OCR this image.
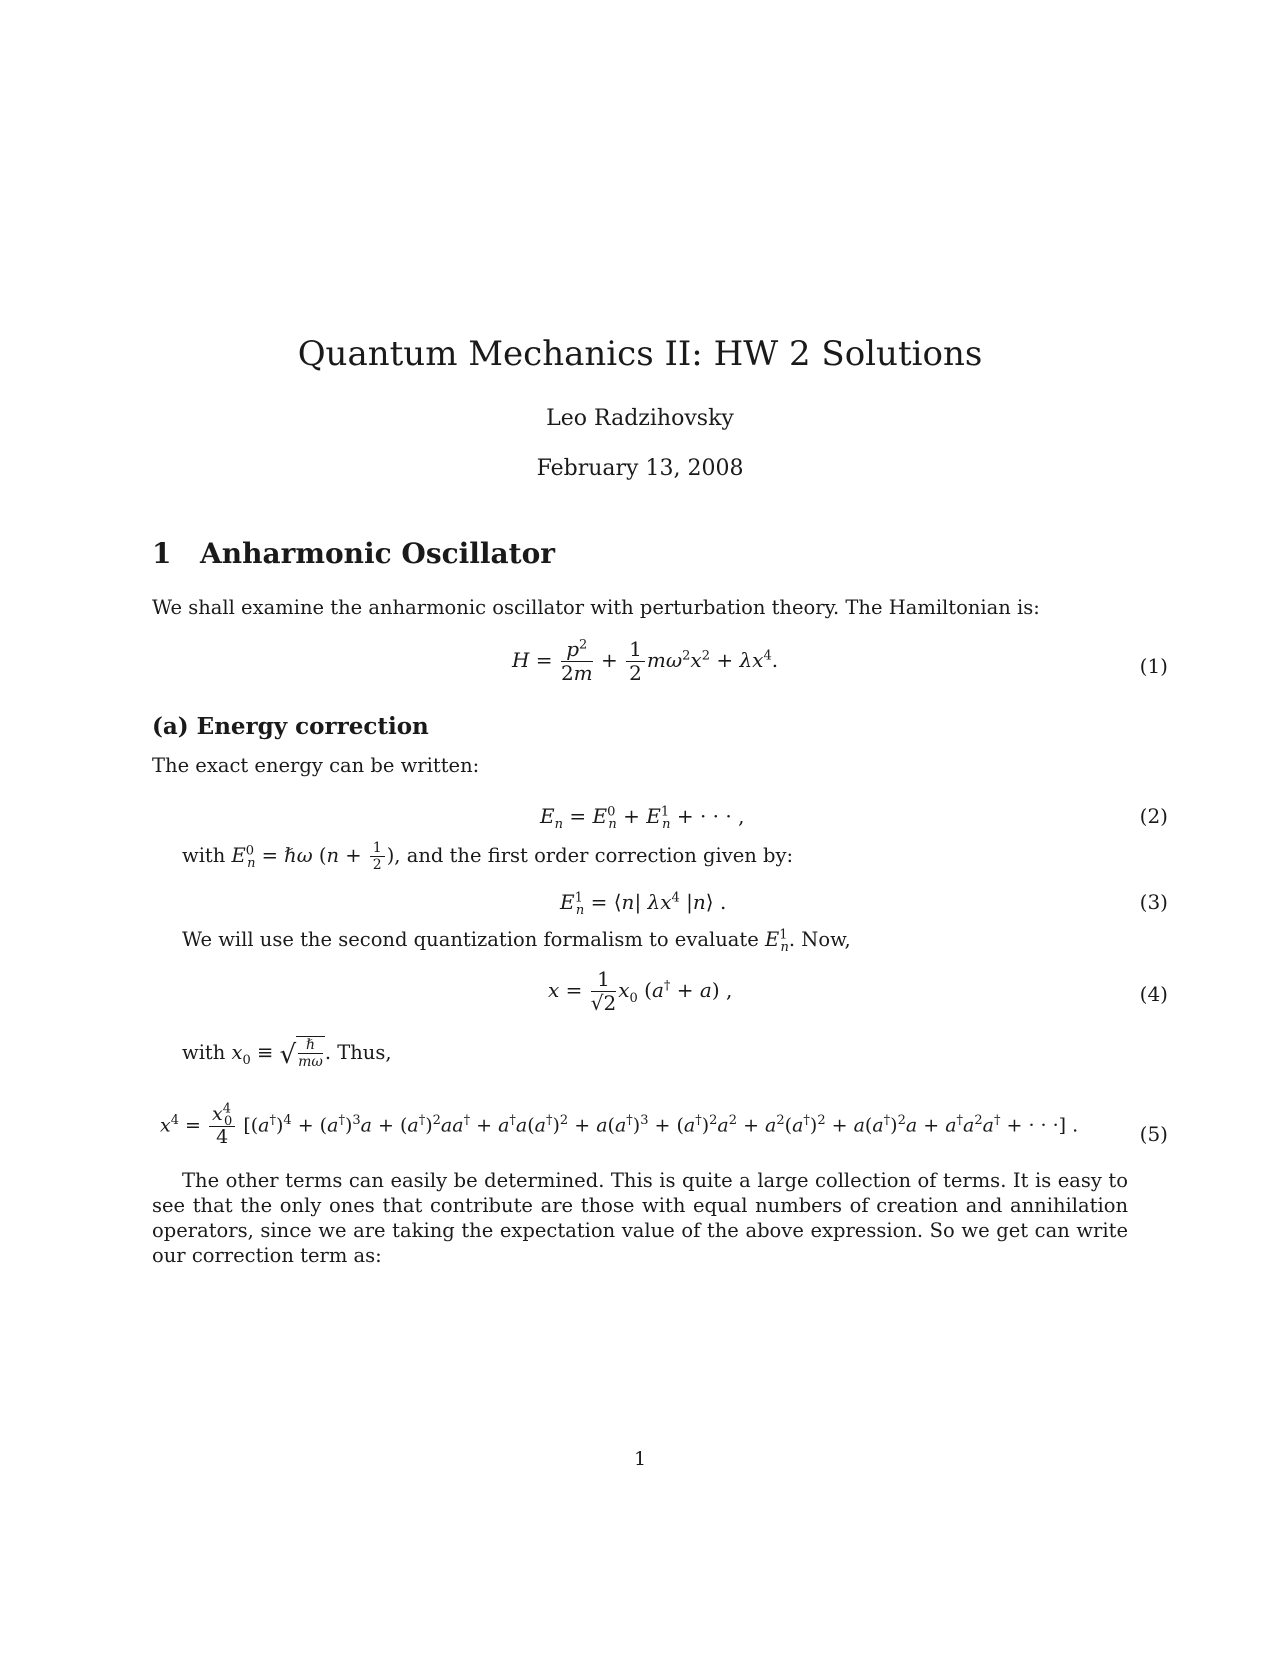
Quantum Mechanics II: HW 2 Solutions
Leo Radzihovsky
February 13, 2008
1 Anharmonic Oscillator
We shall examine the anharmonic oscillator with perturbation theory. The Hamiltonian is:
$H = \frac{p^2}{2m} + \frac{1}{2} m\omega^2x^2 + \lambda x^4$.	(1)
(a) Energy correction
The exact energy can be written:
$E_n = E^0_n + E^1_n$ + · · · ,	(2)
with $E^0_n$ = ℏω ($n + \frac{1}{2}$ ), and the first order correction given by:
$E^1_n$ = ⟨n| $\lambda x^4$ |n⟩ .	(3)
We will use the second quantization formalism to evaluate $E^1_n$. Now,
$x = \frac{1}{√2} x_0$ (a† + a) ,	(4)
with $x_0$ ≡ √ $\frac{\text{ℏ}}{m\omega}$ . Thus,
$x^4 = \frac{x^4_0}{4} [(a^\dagger)^4 + (a^\dagger)^3a + (a^\dagger)^2aa^\dagger + a^\dagger a(a^\dagger)^2 + a(a^\dagger)^3 + (a^\dagger)^2a^2 + a^2(a^\dagger)^2 + a(a^\dagger)^2a + a^\dagger a^2a^\dagger$ + · · ·] .	(5)
The other terms can easily be determined. This is quite a large collection of terms. It is easy to see that the only ones that contribute are those with equal numbers of creation and annihilation operators, since we are taking the expectation value of the above expression. So we get can write our correction term as:
1
